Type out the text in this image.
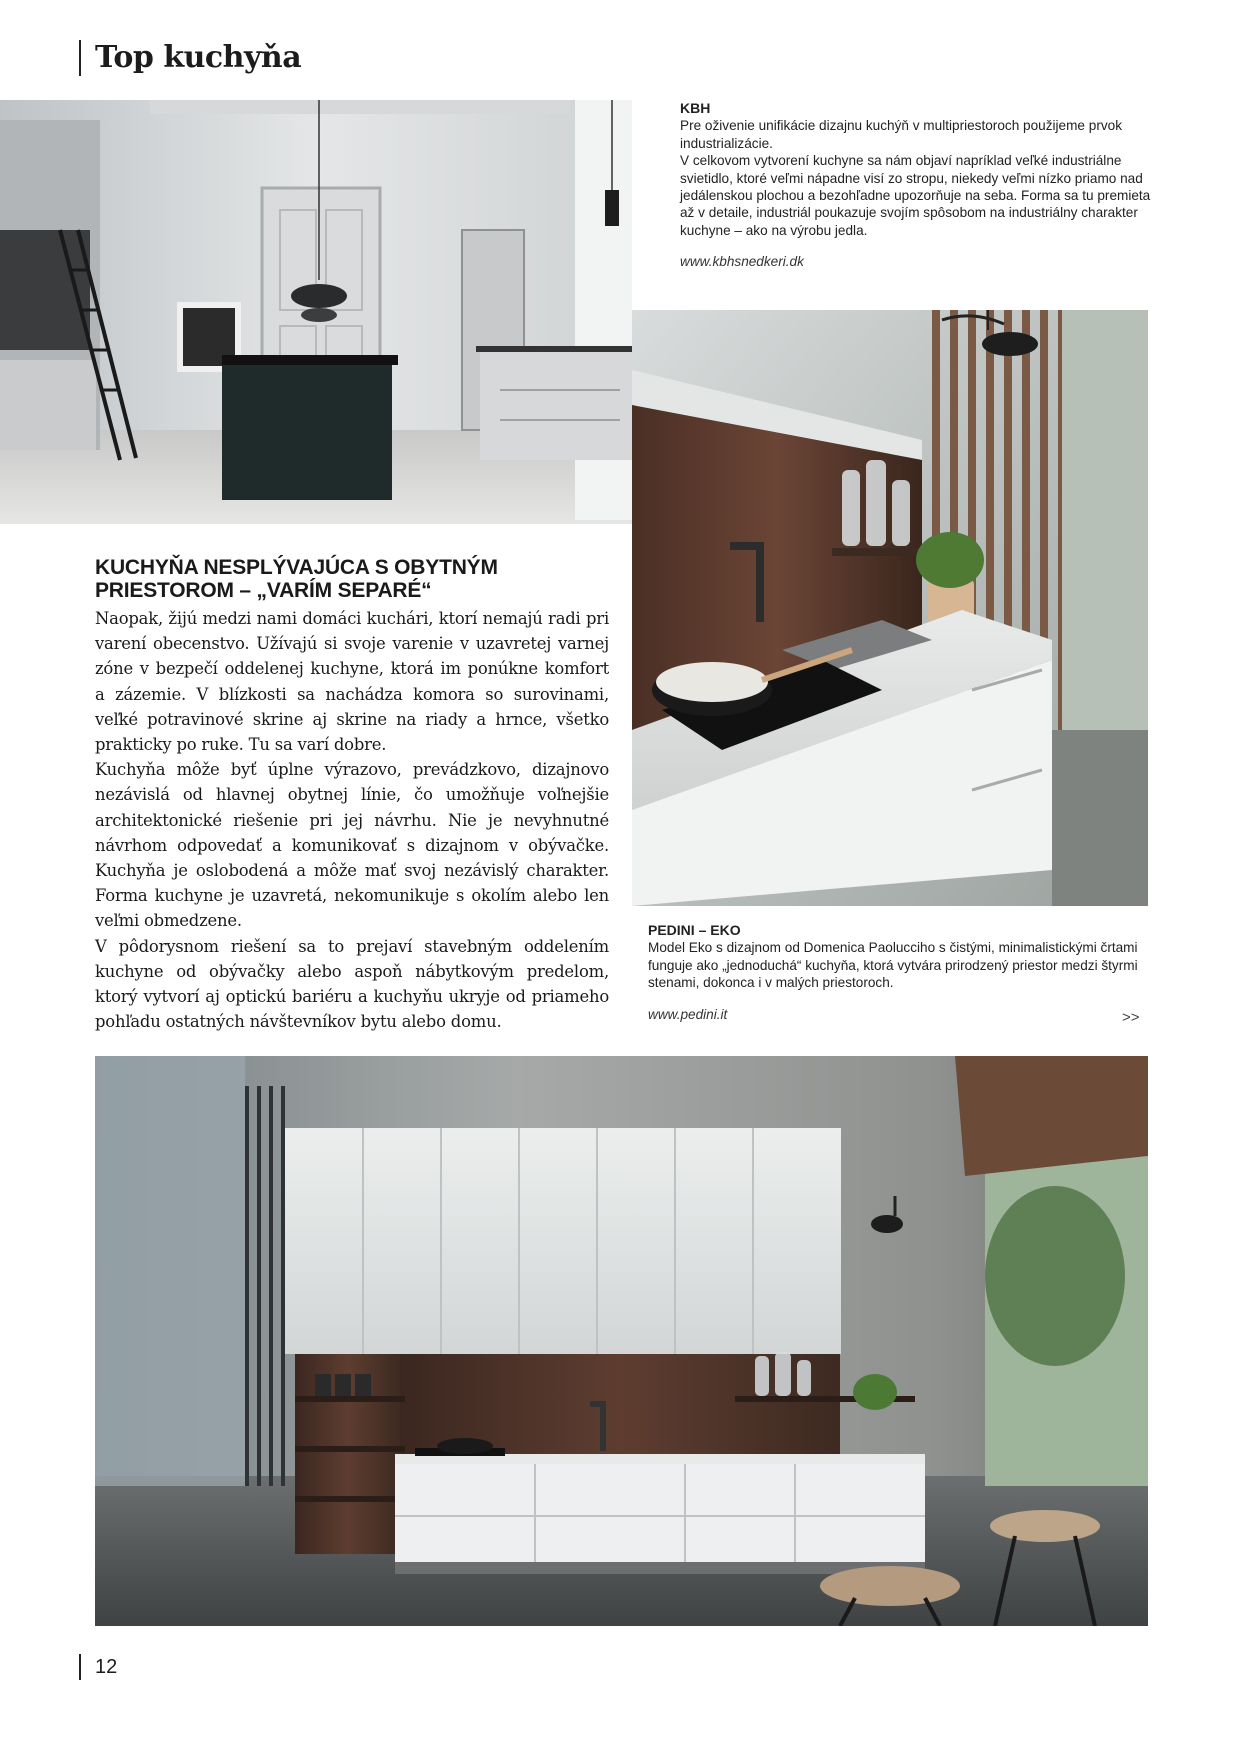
Top kuchyňa
KBH
Pre oživenie unifikácie dizajnu kuchýň v multipriestoroch použijeme prvok industrializácie.
V celkovom vytvorení kuchyne sa nám objaví napríklad veľké industriálne svietidlo, ktoré veľmi nápadne visí zo stropu, niekedy veľmi nízko priamo nad jedálenskou plochou a bezohľadne upozorňuje na seba. Forma sa tu premieta až v detaile, industriál poukazuje svojím spôsobom na industriálny charakter kuchyne – ako na výrobu jedla.
www.kbhsnedkeri.dk
KUCHYŇA NESPLÝVAJÚCA S OBYTNÝM
PRIESTOROM – „VARÍM SEPARÉ“

Naopak, žijú medzi nami domáci kuchári, ktorí nemajú radi pri varení obecenstvo. Užívajú si svoje varenie v uzavretej varnej zóne v bezpečí oddelenej kuchyne, ktorá im ponúkne komfort a zázemie. V blízkosti sa nachádza komora so surovinami, veľké potravinové skrine aj skrine na riady a hrnce, všetko prakticky po ruke. Tu sa varí dobre.

Kuchyňa môže byť úplne výrazovo, prevádzkovo, dizajnovo nezávislá od hlavnej obytnej línie, čo umožňuje voľnejšie architektonické riešenie pri jej návrhu. Nie je nevyhnutné návrhom odpovedať a komunikovať s dizajnom v obývačke. Kuchyňa je oslobodená a môže mať svoj nezávislý charakter. Forma kuchyne je uzavretá, nekomunikuje s okolím alebo len veľmi obmedzene.

V pôdorysnom riešení sa to prejaví stavebným oddelením kuchyne od obývačky alebo aspoň nábytkovým predelom, ktorý vytvorí aj optickú bariéru a kuchyňu ukryje od priameho pohľadu ostatných návštevníkov bytu alebo domu.

PEDINI – EKO
Model Eko s dizajnom od Domenica Paolucciho s čistými, minimalistickými črtami funguje ako „jednoduchá“ kuchyňa, ktorá vytvára prirodzený priestor medzi štyrmi stenami, dokonca i v malých priestoroch.
www.pedini.it	>>
12
